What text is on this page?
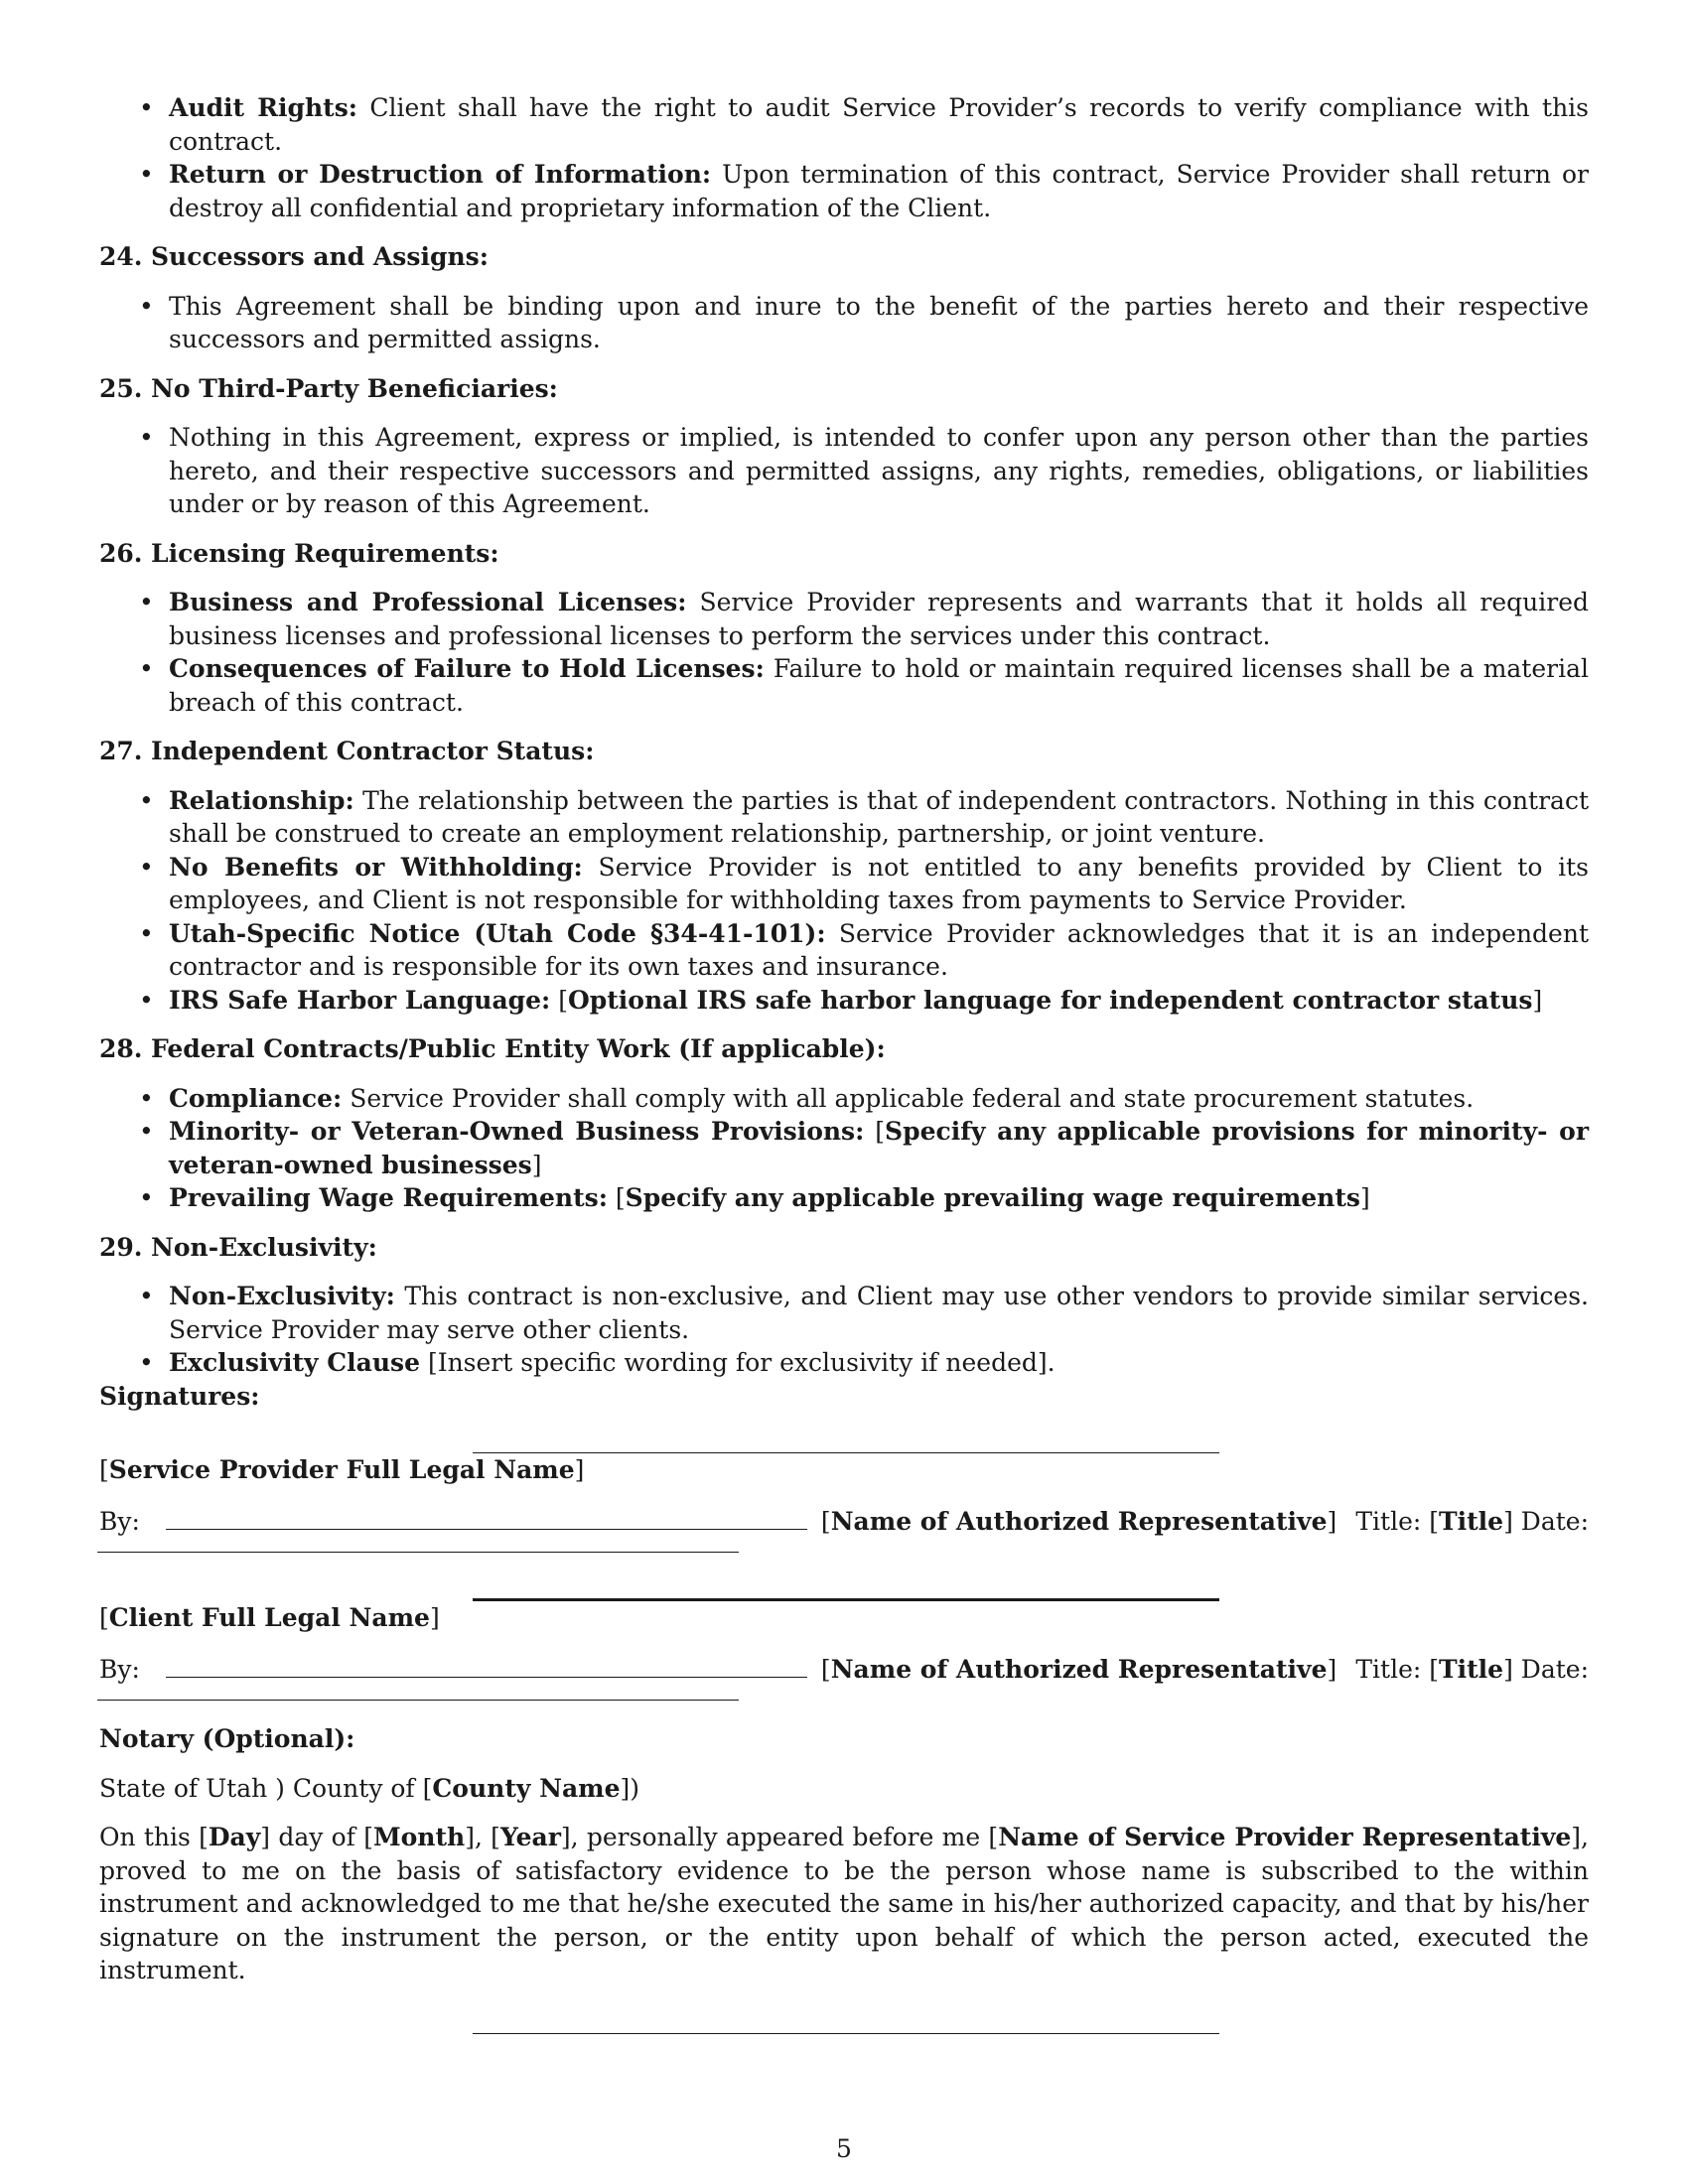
• Audit Rights: Client shall have the right to audit Service Provider’s records to verify compliance with this contract.
• Return or Destruction of Information: Upon termination of this contract, Service Provider shall return or destroy all confidential and proprietary information of the Client.
24. Successors and Assigns:
• This Agreement shall be binding upon and inure to the benefit of the parties hereto and their respective successors and permitted assigns.
25. No Third-Party Beneficiaries:
• Nothing in this Agreement, express or implied, is intended to confer upon any person other than the parties hereto, and their respective successors and permitted assigns, any rights, remedies, obligations, or liabilities under or by reason of this Agreement.
26. Licensing Requirements:
• Business and Professional Licenses: Service Provider represents and warrants that it holds all required business licenses and professional licenses to perform the services under this contract.
• Consequences of Failure to Hold Licenses: Failure to hold or maintain required licenses shall be a material breach of this contract.
27. Independent Contractor Status:
• Relationship: The relationship between the parties is that of independent contractors. Nothing in this contract shall be construed to create an employment relationship, partnership, or joint venture.
• No Benefits or Withholding: Service Provider is not entitled to any benefits provided by Client to its employees, and Client is not responsible for withholding taxes from payments to Service Provider.
• Utah-Specific Notice (Utah Code §34-41-101): Service Provider acknowledges that it is an independent contractor and is responsible for its own taxes and insurance.
• IRS Safe Harbor Language: [Optional IRS safe harbor language for independent contractor status]
28. Federal Contracts/Public Entity Work (If applicable):
• Compliance: Service Provider shall comply with all applicable federal and state procurement statutes.
• Minority- or Veteran-Owned Business Provisions: [Specify any applicable provisions for minority- or veteran-owned businesses]
• Prevailing Wage Requirements: [Specify any applicable prevailing wage requirements]
29. Non-Exclusivity:
• Non-Exclusivity: This contract is non-exclusive, and Client may use other vendors to provide similar services. Service Provider may serve other clients.
• Exclusivity Clause [Insert specific wording for exclusivity if needed].

Signatures:

[Service Provider Full Legal Name]

By:	[Name of Authorized Representative] Title: [Title] Date:

[Client Full Legal Name]

By:	[Name of Authorized Representative] Title: [Title] Date:

Notary (Optional):

State of Utah ) County of [County Name])

On this [Day] day of [Month], [Year], personally appeared before me [Name of Service Provider Representative], proved to me on the basis of satisfactory evidence to be the person whose name is subscribed to the within instrument and acknowledged to me that he/she executed the same in his/her authorized capacity, and that by his/her signature on the instrument the person, or the entity upon behalf of which the person acted, executed the instrument.

5
